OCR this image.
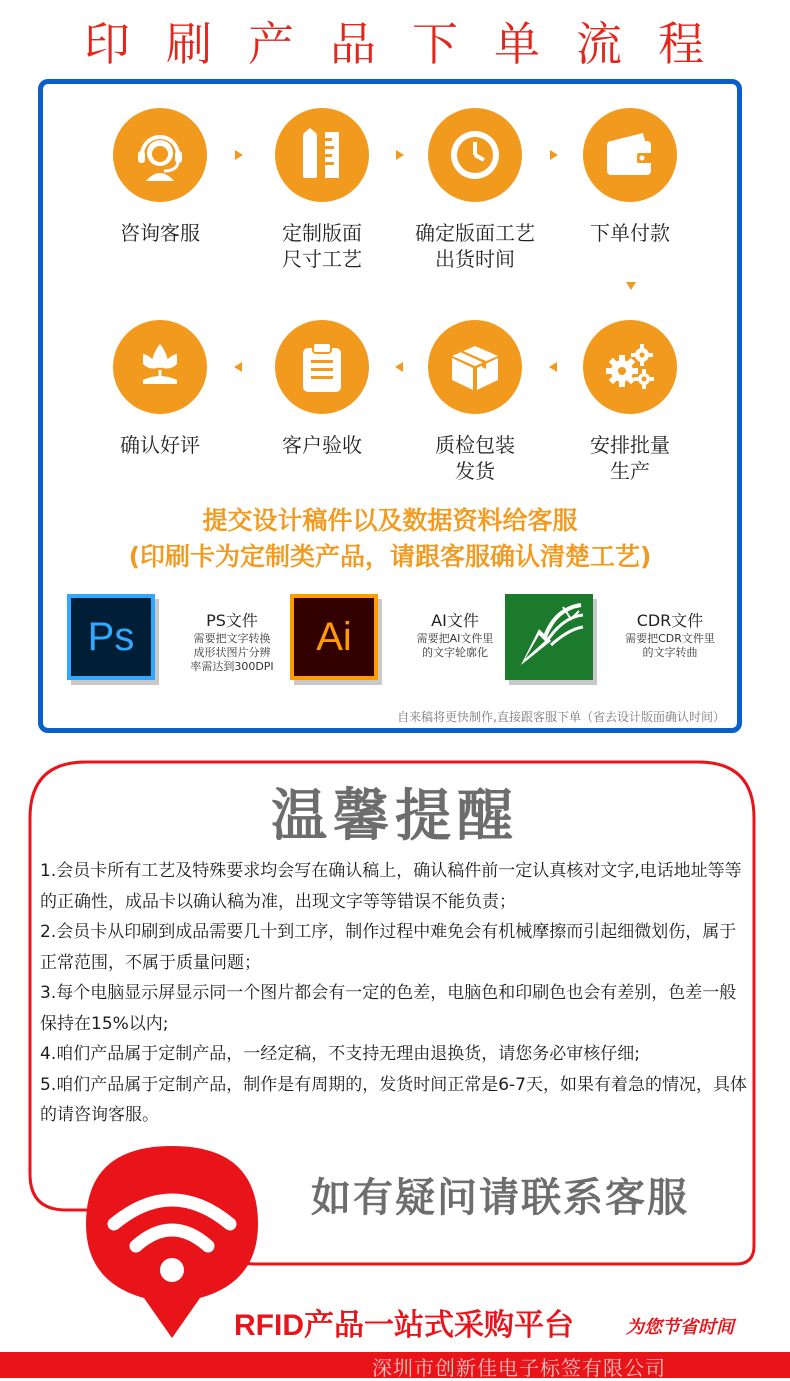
印 刷 产 品 下 单 流 程
咨询客服	定制版面
尺寸工艺
确定版面工艺
出货时间
下单付款
确认好评	客户验收	质检包装
发货
安排批量
生产
提交设计稿件以及数据资料给客服
(印刷卡为定制类产品，请跟客服确认清楚工艺)
Ps	PS文件
需要把文字转换
成形状图片分辨
率需达到300DPI
Ai	AI文件
需要把AI文件里
的文字轮廓化
CDR文件
需要把CDR文件里
的文字转曲
自来稿将更快制作,直接跟客服下单（省去设计版面确认时间）
温馨提醒

1.会员卡所有工艺及特殊要求均会写在确认稿上，确认稿件前一定认真核对文字,电话地址等等的正确性，成品卡以确认稿为准，出现文字等等错误不能负责；

2.会员卡从印刷到成品需要几十到工序，制作过程中难免会有机械摩擦而引起细微划伤，属于正常范围，不属于质量问题；

3.每个电脑显示屏显示同一个图片都会有一定的色差，电脑色和印刷色也会有差别，色差一般保持在15%以内;

4.咱们产品属于定制产品，一经定稿，不支持无理由退换货，请您务必审核仔细;

5.咱们产品属于定制产品，制作是有周期的，发货时间正常是6-7天，如果有着急的情况，具体的请咨询客服。

如有疑问请联系客服
深圳市创新佳电子标签有限公司
RFID产品一站式采购平台	为您节省时间
